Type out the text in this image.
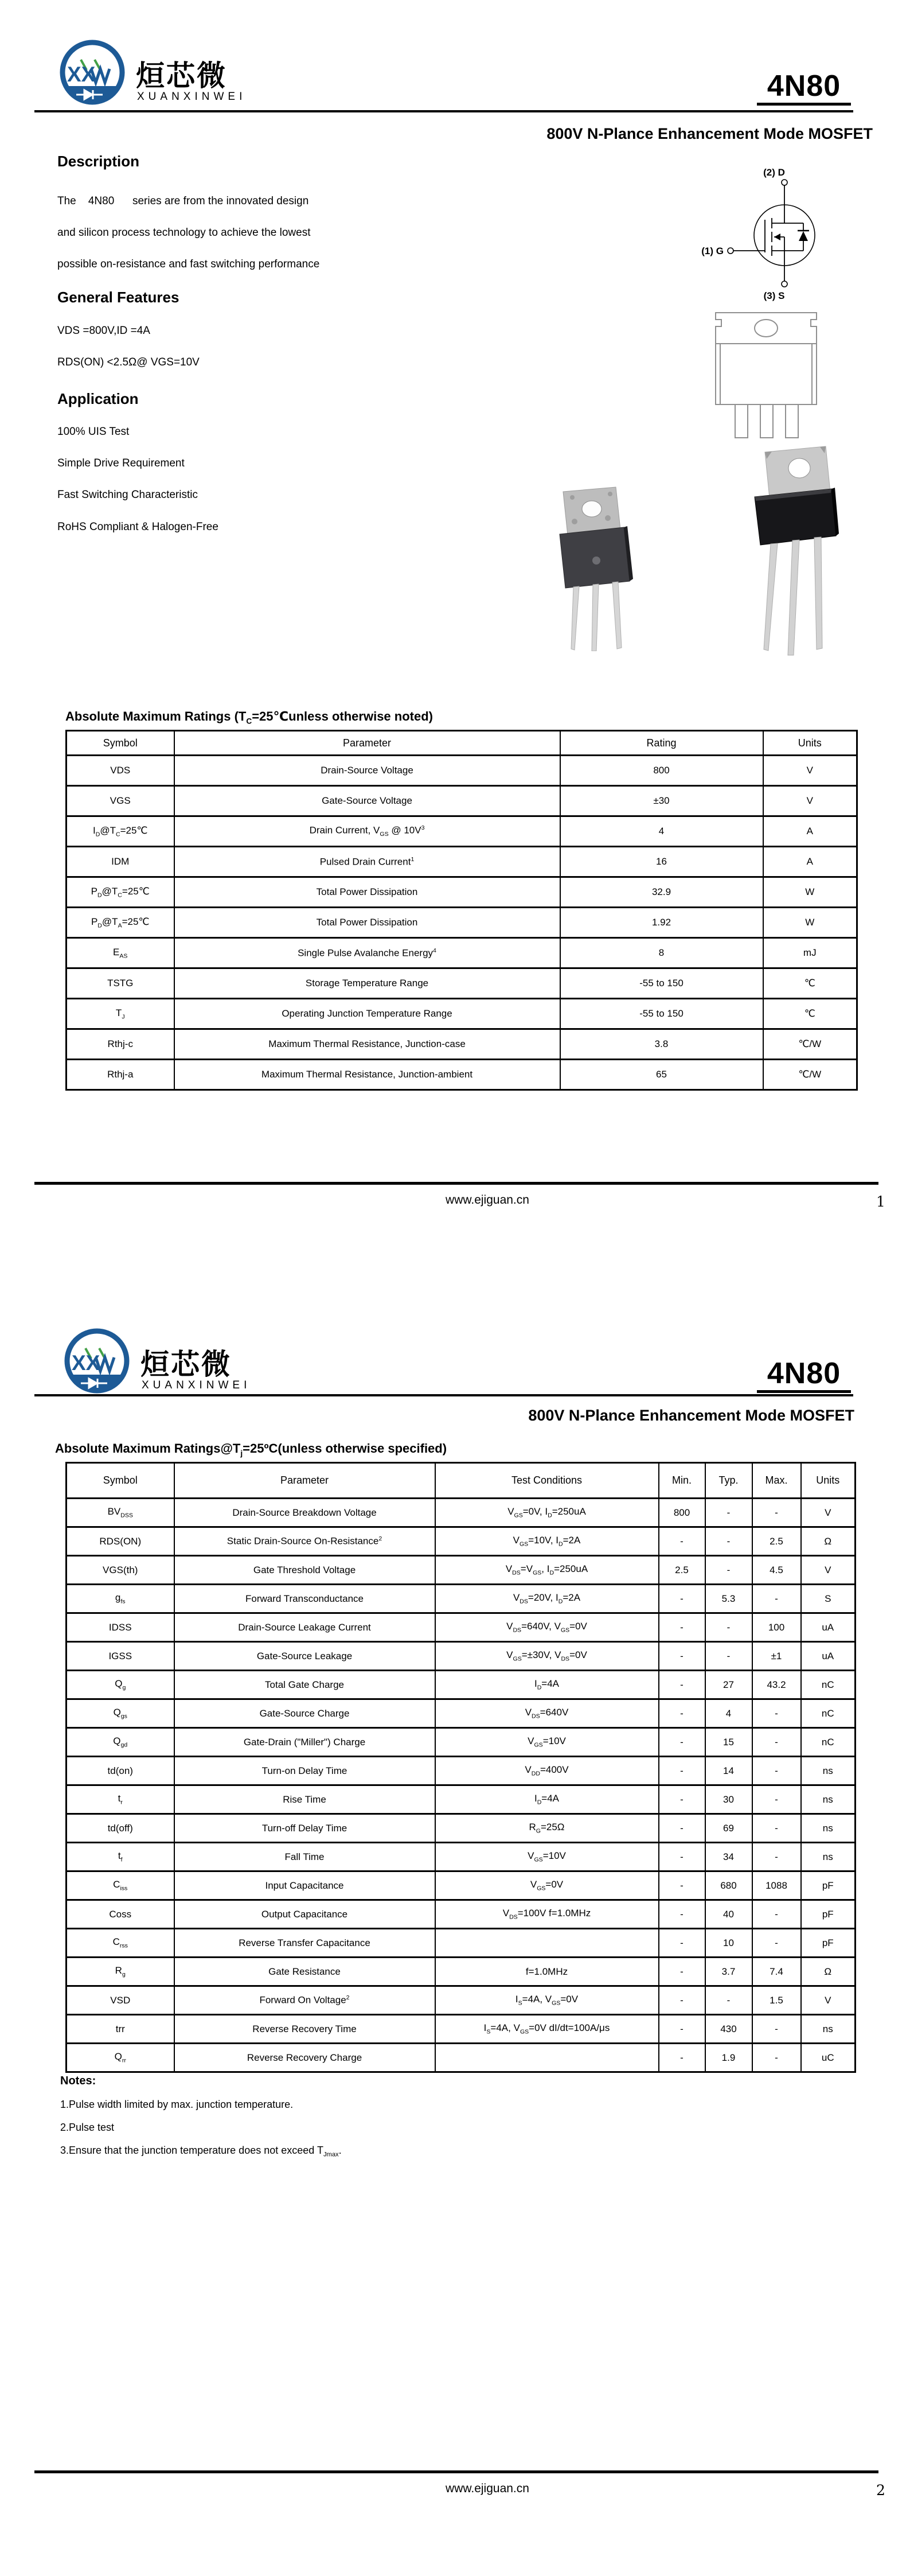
XX 烜芯微
XUANXINWEI	4N80
800V N-Plance Enhancement Mode MOSFET
Description
The    4N80      series are from the innovated design
and silicon process technology to achieve the lowest
possible on-resistance and fast switching performance
General Features
VDS =800V,ID =4A
RDS(ON) <2.5Ω@ VGS=10V
Application
100% UIS Test
Simple Drive Requirement
Fast Switching Characteristic
RoHS Compliant & Halogen-Free
(2) D
(1) G
(3) S
Absolute Maximum Ratings ($T_C=25℃unless$ otherwise noted)
Symbol	Parameter	Rating	Units
VDS	Drain-Source Voltage	800	V
VGS	Gate-Source Voltage	±30	V
$I_D@T_C=25℃$	Drain Current, $V_{GS}$ @ $10V^3$	4	A
IDM	Pulsed Drain Current$^1$	16	A
$P_D@T_C=25℃$	Total Power Dissipation	32.9	W
$P_D@T_A=25℃$	Total Power Dissipation	1.92	W
$E_{AS}$	Single Pulse Avalanche Energy$^4$	8	mJ
TSTG	Storage Temperature Range	-55 to 150	℃
$T_J$	Operating Junction Temperature Range	-55 to 150	℃
Rthj-c	Maximum Thermal Resistance, Junction-case	3.8	℃/W
Rthj-a	Maximum Thermal Resistance, Junction-ambient	65	℃/W
www.ejiguan.cn	1
XX 烜芯微
XUANXINWEI	4N80
800V N-Plance Enhancement Mode MOSFET
Absolute Maximum $Ratings@T_j=25ºC(unless$ otherwise specified)
Symbol	Parameter	Test Conditions	Min.	Typ.	Max.	Units
$BV_{DSS}$	Drain-Source Breakdown Voltage	$V_{GS}=0V$, $I_D=250uA$	800	-	-	V
RDS(ON)	Static Drain-Source On-Resistance$^2$	$V_{GS}=10V$, $I_D=2A$	-	-	2.5	Ω
VGS(th)	Gate Threshold Voltage	$V_{DS}=V_{GS}$, $I_D=250uA$	2.5	-	4.5	V
$g_{fs}$	Forward Transconductance	$V_{DS}=20V$, $I_D=2A$	-	5.3	-	S
IDSS	Drain-Source Leakage Current	$V_{DS}=640V$, $V_{GS}=0V$	-	-	100	uA
IGSS	Gate-Source Leakage	$V_{GS}=\pm 30V$, $V_{DS}=0V$	-	-	±1	uA
$Q_g$	Total Gate Charge	$I_D=4A$	-	27	43.2	nC
$Q_{gs}$	Gate-Source Charge	$V_{DS}=640V$	-	4	-	nC
$Q_{gd}$	Gate-Drain ("Miller") Charge	$V_{GS}=10V$	-	15	-	nC
td(on)	Turn-on Delay Time	$V_{DD}=400V$	-	14	-	ns
$t_r$	Rise Time	$I_D=4A$	-	30	-	ns
td(off)	Turn-off Delay Time	$R_G=25\Omega$	-	69	-	ns
$t_f$	Fall Time	$V_{GS}=10V$	-	34	-	ns
$C_{iss}$	Input Capacitance	$V_{GS}=0V$	-	680	1088	pF
Coss	Output Capacitance	$V_{DS}=100V$ f=1.0MHz	-	40	-	pF
$C_{rss}$	Reverse Transfer Capacitance		-	10	-	pF
$R_g$	Gate Resistance	f=1.0MHz	-	3.7	7.4	Ω
VSD	Forward On Voltage$^2$	$I_S=4A$, $V_{GS}=0V$	-	-	1.5	V
trr	Reverse Recovery Time	$I_S=4A$, $V_{GS}=0V$ dI/dt=100A/μs	-	430	-	ns
$Q_{rr}$	Reverse Recovery Charge		-	1.9	-	uC
Notes:
1.Pulse width limited by max. junction temperature.
2.Pulse test
3.Ensure that the junction temperature does not exceed $T_{Jmax}$.
www.ejiguan.cn	2
